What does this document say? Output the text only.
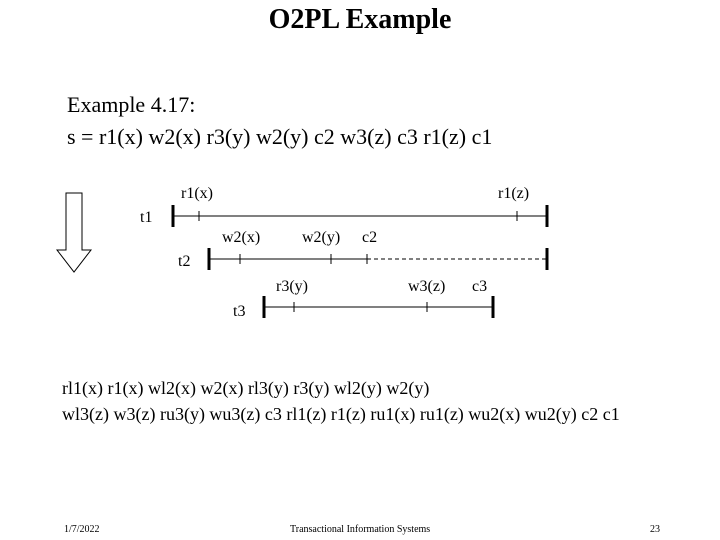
O2PL Example
Example 4.17:
s = r1(x) w2(x) r3(y) w2(y) c2 w3(z) c3 r1(z) c1
t1
r1(x)	r1(z)
t2
w2(x)	w2(y) c2
t3
r3(y)	w3(z) c3
rl1(x) r1(x) wl2(x) w2(x) rl3(y) r3(y) wl2(y) w2(y)
wl3(z) w3(z) ru3(y) wu3(z) c3 rl1(z) r1(z) ru1(x) ru1(z) wu2(x) wu2(y) c2 c1
1/7/2022	Transactional Information Systems	23
